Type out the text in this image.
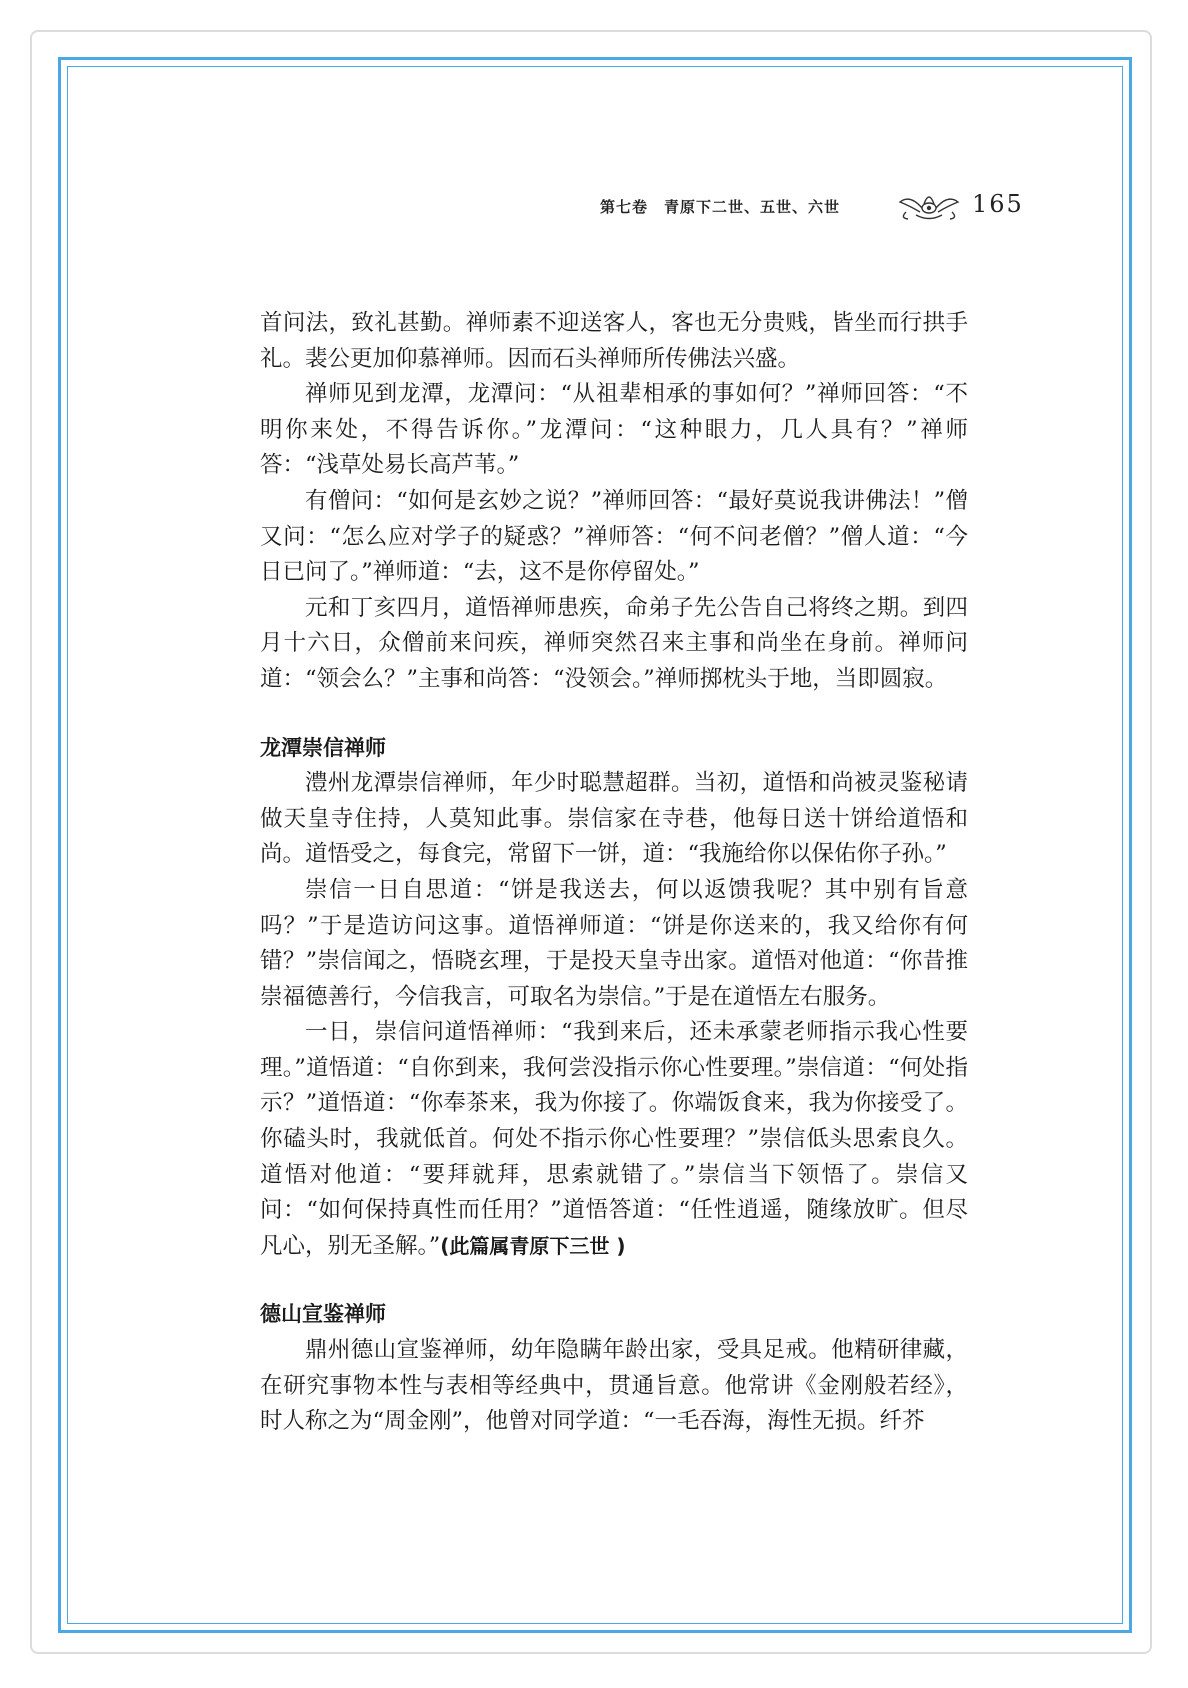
第七卷　青原下二世、五世、六世	165

首问法，致礼甚勤。禅师素不迎送客人，客也无分贵贱，皆坐而行拱手礼。裴公更加仰慕禅师。因而石头禅师所传佛法兴盛。

禅师见到龙潭，龙潭问：“从祖辈相承的事如何？”禅师回答：“不明你来处，不得告诉你。”龙潭问：“这种眼力，几人具有？”禅师答：“浅草处易长高芦苇。”

有僧问：“如何是玄妙之说？”禅师回答：“最好莫说我讲佛法！”僧又问：“怎么应对学子的疑惑？”禅师答：“何不问老僧？”僧人道：“今日已问了。”禅师道：“去，这不是你停留处。”

元和丁亥四月，道悟禅师患疾，命弟子先公告自己将终之期。到四月十六日，众僧前来问疾，禅师突然召来主事和尚坐在身前。禅师问道：“领会么？”主事和尚答：“没领会。”禅师掷枕头于地，当即圆寂。

龙潭崇信禅师

澧州龙潭崇信禅师，年少时聪慧超群。当初，道悟和尚被灵鉴秘请做天皇寺住持，人莫知此事。崇信家在寺巷，他每日送十饼给道悟和尚。道悟受之，每食完，常留下一饼，道：“我施给你以保佑你子孙。”

崇信一日自思道：“饼是我送去，何以返馈我呢？其中别有旨意吗？”于是造访问这事。道悟禅师道：“饼是你送来的，我又给你有何错？”崇信闻之，悟晓玄理，于是投天皇寺出家。道悟对他道：“你昔推崇福德善行，今信我言，可取名为崇信。”于是在道悟左右服务。

一日，崇信问道悟禅师：“我到来后，还未承蒙老师指示我心性要理。”道悟道：“自你到来，我何尝没指示你心性要理。”崇信道：“何处指示？”道悟道：“你奉茶来，我为你接了。你端饭食来，我为你接受了。你磕头时，我就低首。何处不指示你心性要理？”崇信低头思索良久。道悟对他道：“要拜就拜，思索就错了。”崇信当下领悟了。崇信又问：“如何保持真性而任用？”道悟答道：“任性逍遥，随缘放旷。但尽凡心，别无圣解。”(此篇属青原下三世 )

德山宣鉴禅师

鼎州德山宣鉴禅师，幼年隐瞒年龄出家，受具足戒。他精研律藏，在研究事物本性与表相等经典中，贯通旨意。他常讲《金刚般若经》，时人称之为“周金刚”，他曾对同学道：“一毛吞海，海性无损。纤芥
